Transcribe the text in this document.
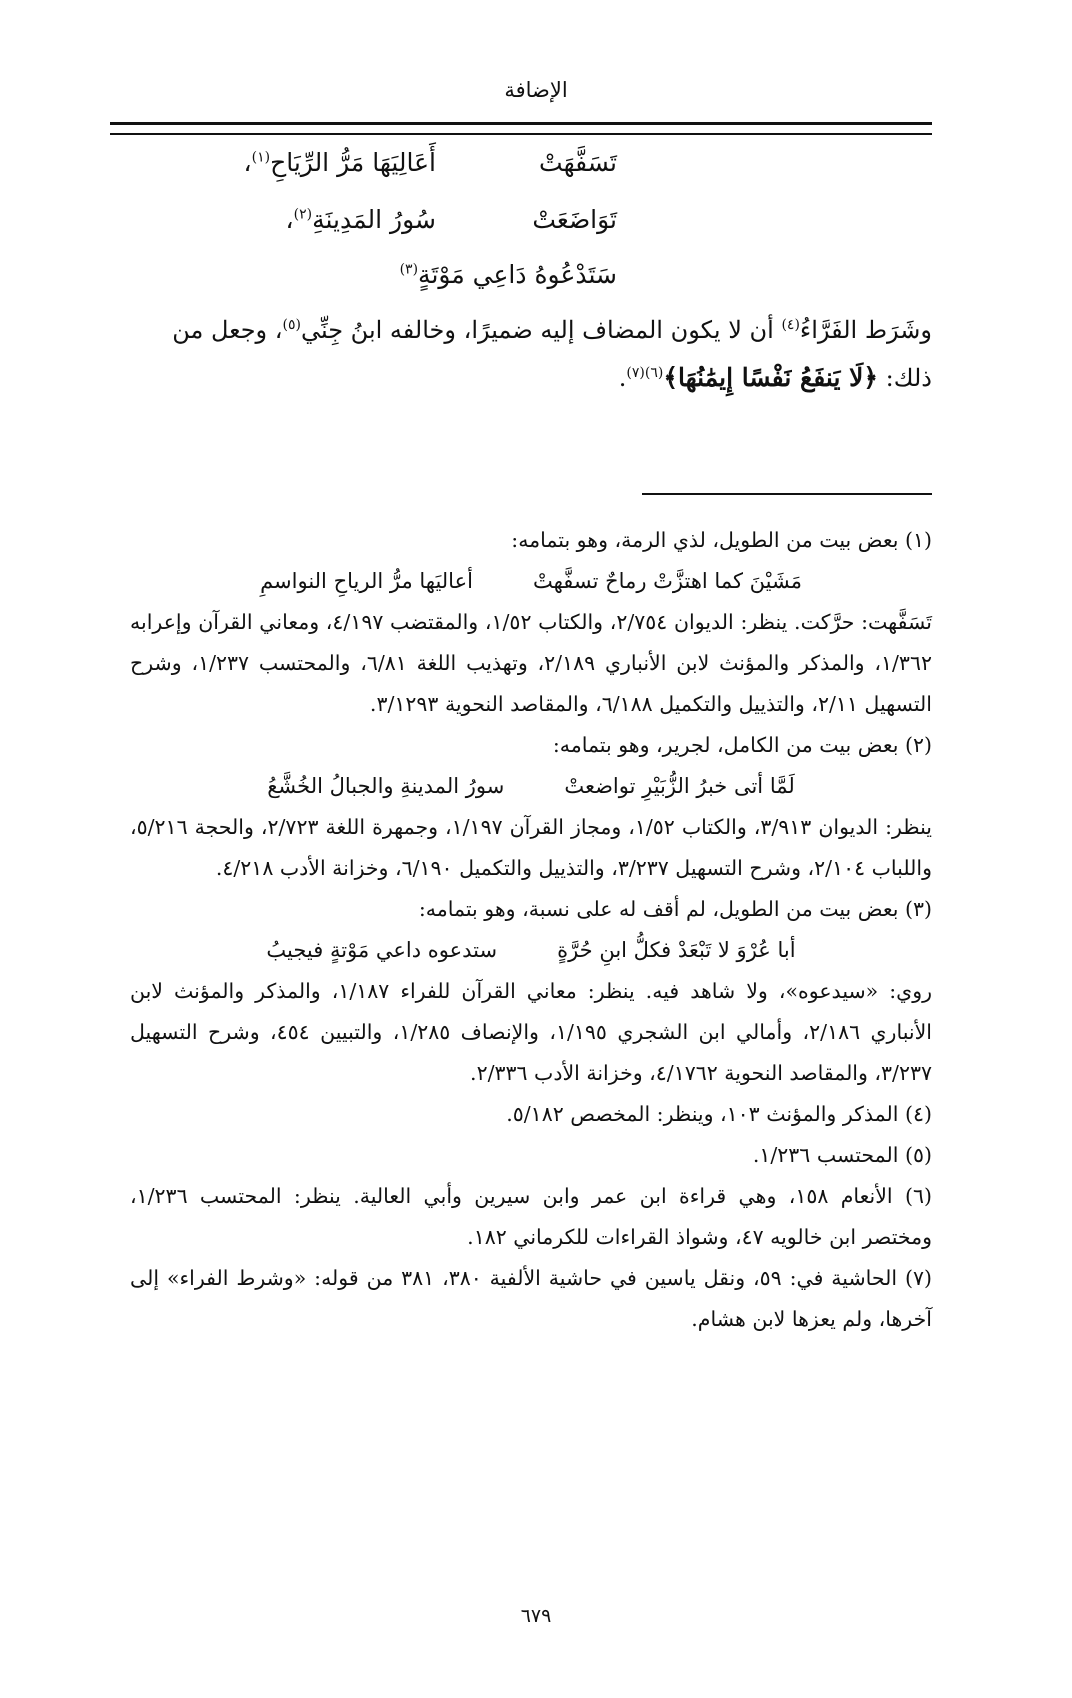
الإضافة
تَسَفَّهَتْ
أَعَالِيَهَا مَرُّ الرِّيَاحِ$^{(١)}$،
تَوَاضَعَتْ
سُورُ المَدِينَةِ$^{(٢)}$،
سَتَدْعُوهُ دَاعِي مَوْتَةٍ$^{(٣)}$
وشَرَط الفَرَّاءُ$^{(٤)}$ أن لا يكون المضاف إليه ضميرًا، وخالفه ابنُ جِنِّي$^{(٥)}$، وجعل من
ذلك: ﴿لَا يَنفَعُ نَفْسًا إِيمَٰنُهَا﴾$^{(٦)(٧)}$.

(١) بعض بيت من الطويل، لذي الرمة، وهو بتمامه:

مَشَيْنَ كما اهتزَّتْ رماحٌ تسفَّهتْ
أعاليَها مرُّ الرياحِ النواسمِ

تَسَفَّهت: حرَّكت. ينظر: الديوان ٢/٧٥٤، والكتاب ١/٥٢، والمقتضب ٤/١٩٧، ومعاني القرآن وإعرابه ١/٣٦٢، والمذكر والمؤنث لابن الأنباري ٢/١٨٩، وتهذيب اللغة ٦/٨١، والمحتسب ١/٢٣٧، وشرح التسهيل ٢/١١، والتذييل والتكميل ٦/١٨٨، والمقاصد النحوية ٣/١٢٩٣.

(٢) بعض بيت من الكامل، لجرير، وهو بتمامه:

لَمَّا أتى خبرُ الزُّبَيْرِ تواضعتْ
سورُ المدينةِ والجبالُ الخُشَّعُ

ينظر: الديوان ٣/٩١٣، والكتاب ١/٥٢، ومجاز القرآن ١/١٩٧، وجمهرة اللغة ٢/٧٢٣، والحجة ٥/٢١٦، واللباب ٢/١٠٤، وشرح التسهيل ٣/٢٣٧، والتذييل والتكميل ٦/١٩٠، وخزانة الأدب ٤/٢١٨.

(٣) بعض بيت من الطويل، لم أقف له على نسبة، وهو بتمامه:

أبا عُرْوَ لا تَبْعَدْ فكلُّ ابنِ حُرَّةٍ
ستدعوه داعي مَوْتةٍ فيجيبُ

روي: «سيدعوه»، ولا شاهد فيه. ينظر: معاني القرآن للفراء ١/١٨٧، والمذكر والمؤنث لابن الأنباري ٢/١٨٦، وأمالي ابن الشجري ١/١٩٥، والإنصاف ١/٢٨٥، والتبيين ٤٥٤، وشرح التسهيل ٣/٢٣٧، والمقاصد النحوية ٤/١٧٦٢، وخزانة الأدب ٢/٣٣٦.

(٤) المذكر والمؤنث ١٠٣، وينظر: المخصص ٥/١٨٢.

(٥) المحتسب ١/٢٣٦.

(٦) الأنعام ١٥٨، وهي قراءة ابن عمر وابن سيرين وأبي العالية. ينظر: المحتسب ١/٢٣٦، ومختصر ابن خالويه ٤٧، وشواذ القراءات للكرماني ١٨٢.

(٧) الحاشية في: ٥٩، ونقل ياسين في حاشية الألفية ٣٨٠، ٣٨١ من قوله: «وشرط الفراء» إلى آخرها، ولم يعزها لابن هشام.

٦٧٩
